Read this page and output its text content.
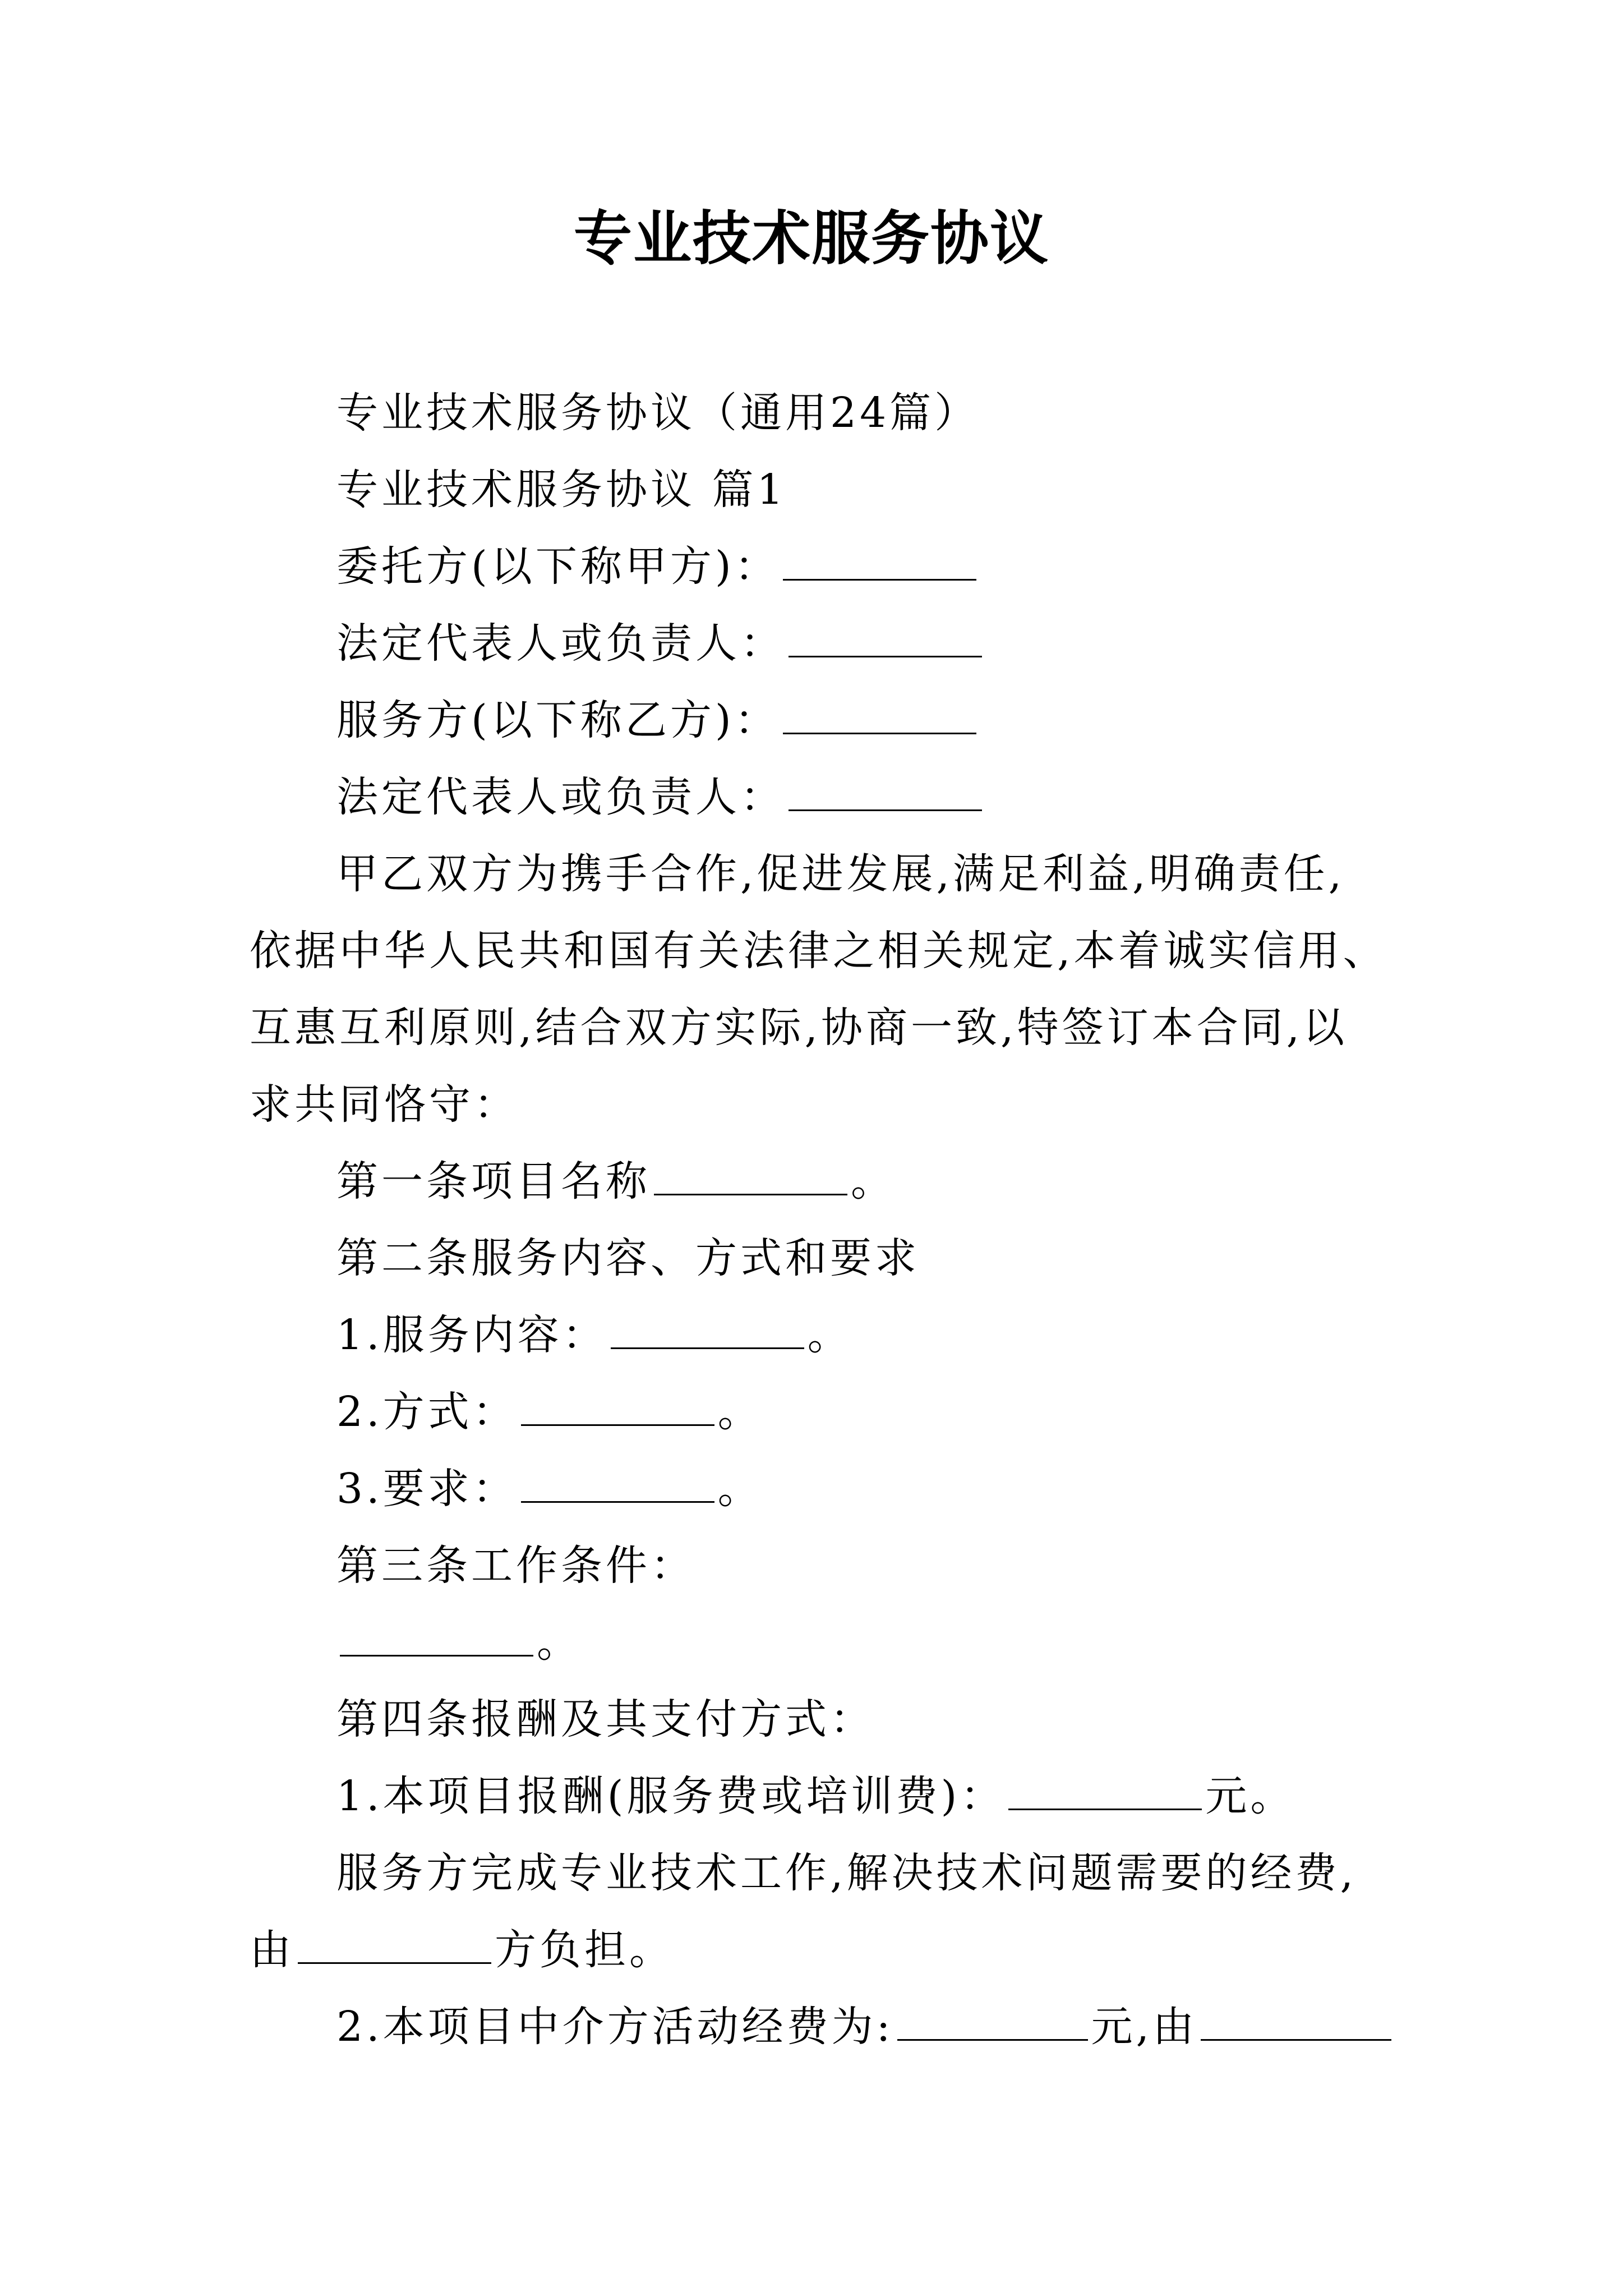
专业技术服务协议
专业技术服务协议（通用24篇）
专业技术服务协议 篇1
委托方(以下称甲方)：
法定代表人或负责人：
服务方(以下称乙方)：
法定代表人或负责人：
甲乙双方为携手合作,促进发展,满足利益,明确责任,
依据中华人民共和国有关法律之相关规定,本着诚实信用、
互惠互利原则,结合双方实际,协商一致,特签订本合同,以
求共同恪守：
第一条项目名称	。
第二条服务内容、方式和要求
1.服务内容：	。
2.方式：	。
3.要求：	。
第三条工作条件：
。
第四条报酬及其支付方式：
1.本项目报酬(服务费或培训费)：	元。
服务方完成专业技术工作,解决技术问题需要的经费,
由	方负担。
2.本项目中介方活动经费为:	元,由
